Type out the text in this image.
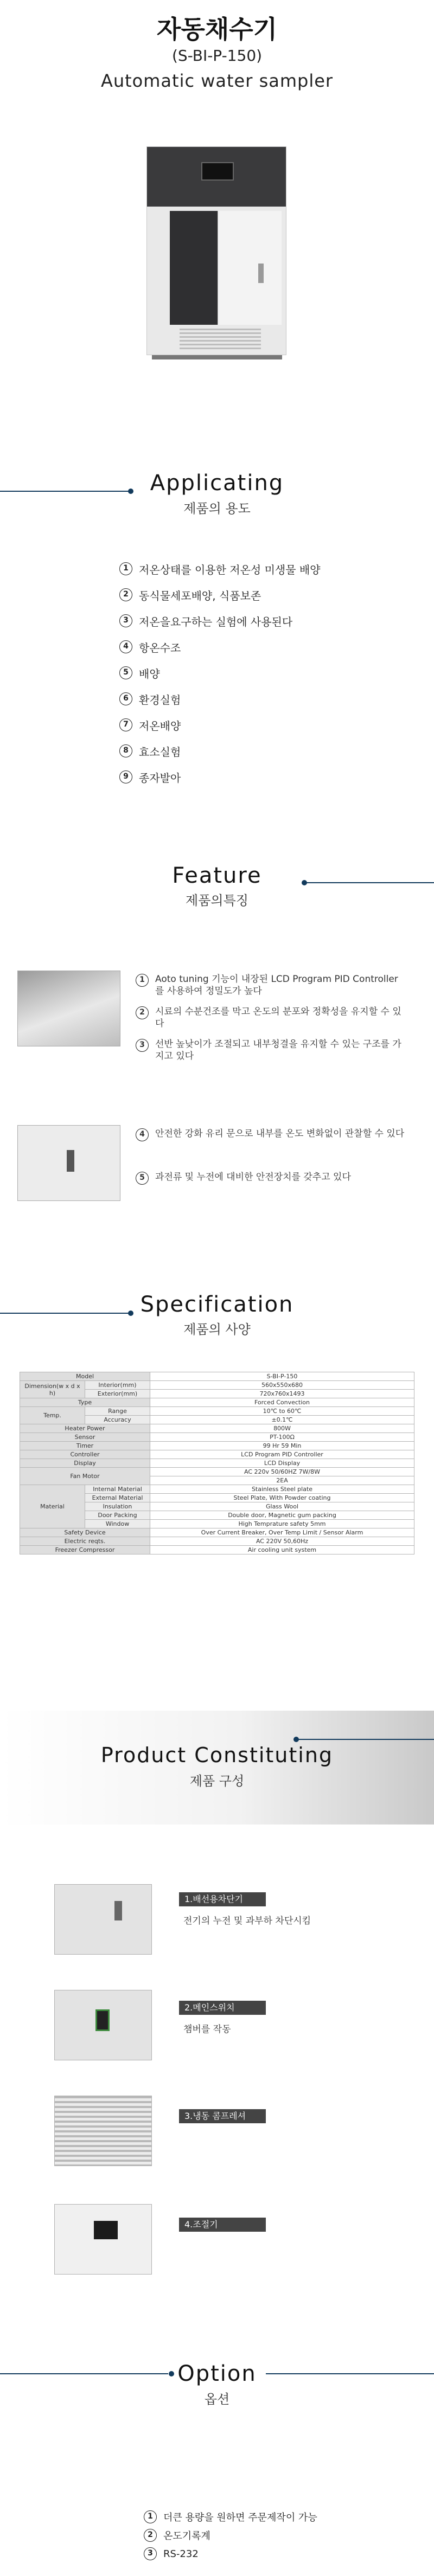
자동채수기
(S-BI-P-150)
Automatic water sampler
Applicating
제품의 용도
1 저온상태를 이용한 저온성 미생물 배양
2 동식물세포배양, 식품보존
3 저온을요구하는 실험에 사용된다
4 항온수조
5 배양
6 환경실험
7 저온배양
8 효소실험
9 종자발아
Feature
제품의특징
1	Aoto tuning 기능이 내장된 LCD Program PID Controller를 사용하여 정밀도가 높다
2	시료의 수분건조를 막고 온도의 분포와 정확성을 유지할 수 있다
3	선반 높낮이가 조절되고 내부청결을 유지할 수 있는 구조를 가지고 있다
4	안전한 강화 유리 문으로 내부를 온도 변화없이 관찰할 수 있다
5	과전류 및 누전에 대비한 안전장치를 갖추고 있다
Specification
제품의 사양
Model		S-BI-P-150
Dimension(w x d x h)	Interior(mm)	560x550x680
	Exterior(mm)	720x760x1493
Type		Forced Convection
Temp.	Range	10℃ to 60℃
	Accuracy	±0.1℃
Heater Power		800W
Sensor		PT-100Ω
Timer		99 Hr 59 Min
Controller		LCD Program PID Controller
Display		LCD Display
Fan Motor		AC 220v 50/60HZ 7W/8W
		2EA
Material	Internal Material	Stainless Steel plate
	External Material	Steel Plate, With Powder coating
	Insulation	Glass Wool
	Door Packing	Double door, Magnetic gum packing
	Window	High Temprature safety 5mm
Safety Device		Over Current Breaker, Over Temp Limit / Sensor Alarm
Electric reqts.		AC 220V 50,60Hz
Freezer Compressor		Air cooling unit system
Product Constituting
제품 구성
1.배선용차단기
전기의 누전 및 과부하 차단시킴
2.메인스위치
챔버를 작동
3.냉동 콤프레셔
4.조절기
Option
옵션
1	더큰 용량을 원하면 주문제작이 가능
2	온도기록계
3	RS-232
